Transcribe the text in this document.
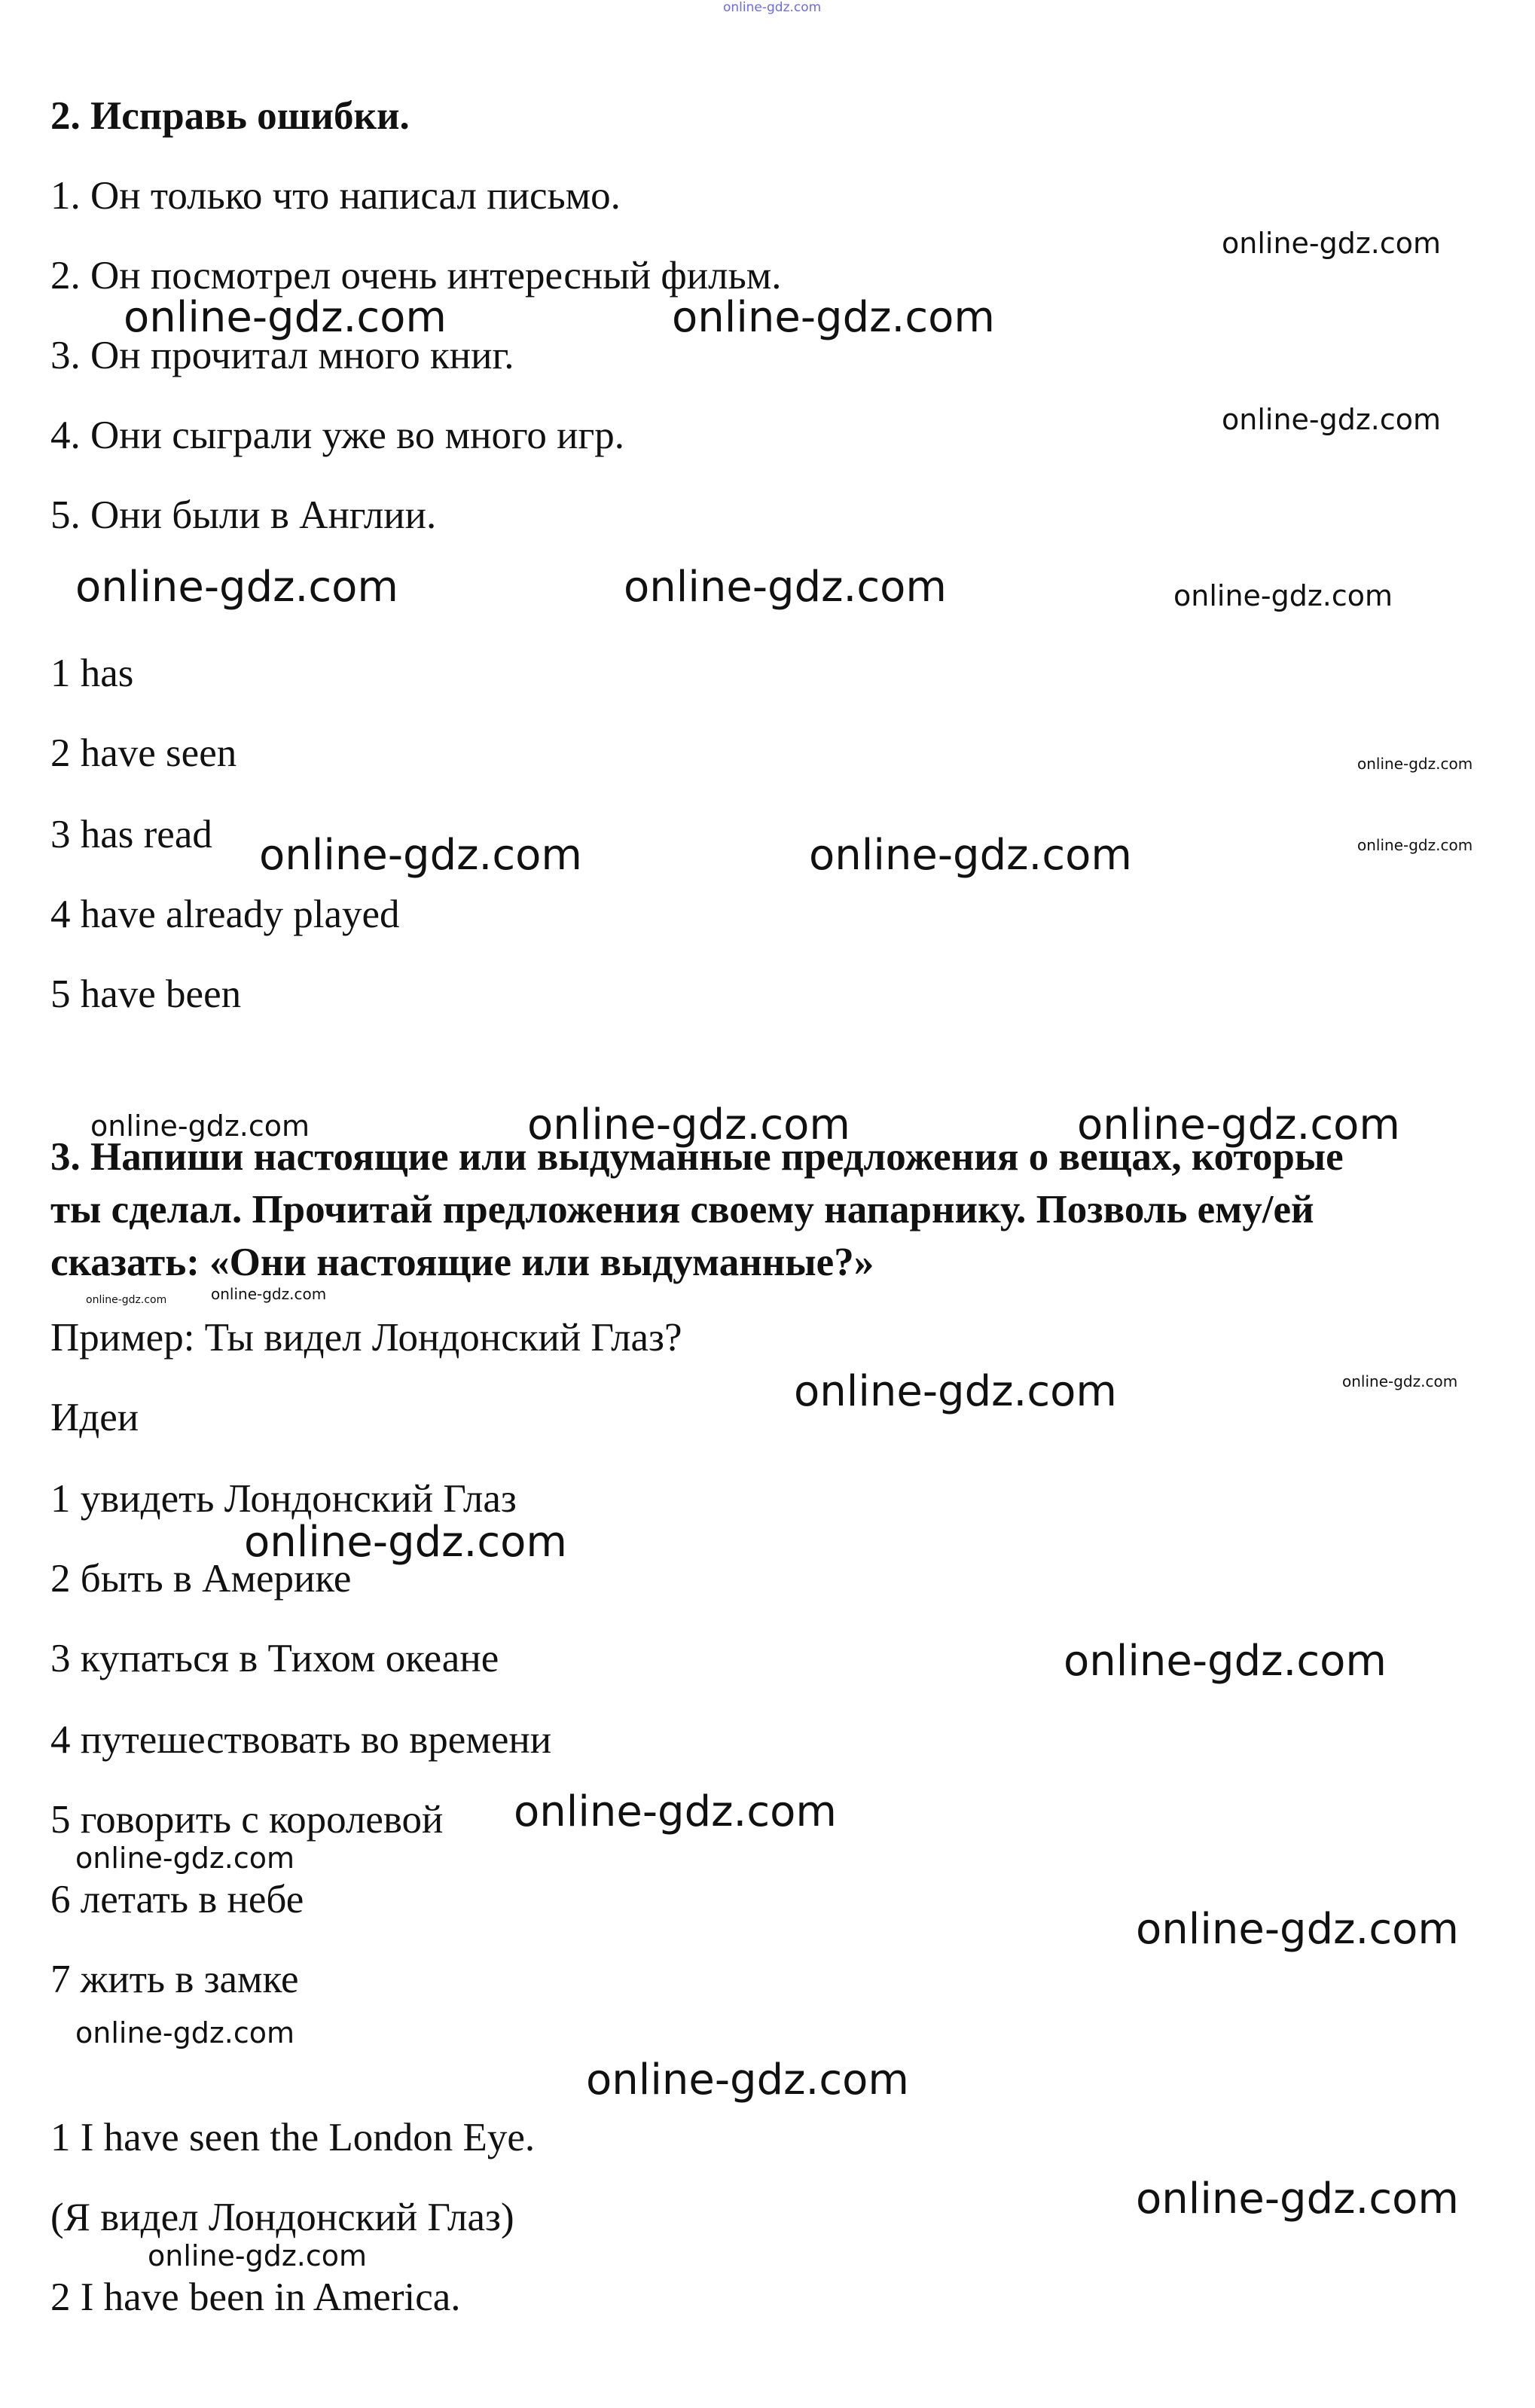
online-gdz.com
2. Исправь ошибки.
1. Он только что написал письмо.
2. Он посмотрел очень интересный фильм.
3. Он прочитал много книг.
4. Они сыграли уже во много игр.
5. Они были в Англии.
1 has
2 have seen
3 has read
4 have already played
5 have been
3. Напиши настоящие или выдуманные предложения о вещах, которые
ты сделал. Прочитай предложения своему напарнику. Позволь ему/ей
сказать: «Они настоящие или выдуманные?»
Пример: Ты видел Лондонский Глаз?
Идеи
1 увидеть Лондонский Глаз
2 быть в Америке
3 купаться в Тихом океане
4 путешествовать во времени
5 говорить с королевой
6 летать в небе
7 жить в замке
1 I have seen the London Eye.
(Я видел Лондонский Глаз)
2 I have been in America.
online-gdz.com
online-gdz.com	online-gdz.com
online-gdz.com
online-gdz.com	online-gdz.com	online-gdz.com
online-gdz.com
online-gdz.com	online-gdz.com	online-gdz.com
online-gdz.com	online-gdz.com	online-gdz.com
online-gdz.com	online-gdz.com
online-gdz.com
online-gdz.com
online-gdz.com
online-gdz.com
online-gdz.com
online-gdz.com
online-gdz.com
online-gdz.com
online-gdz.com
online-gdz.com
online-gdz.com
